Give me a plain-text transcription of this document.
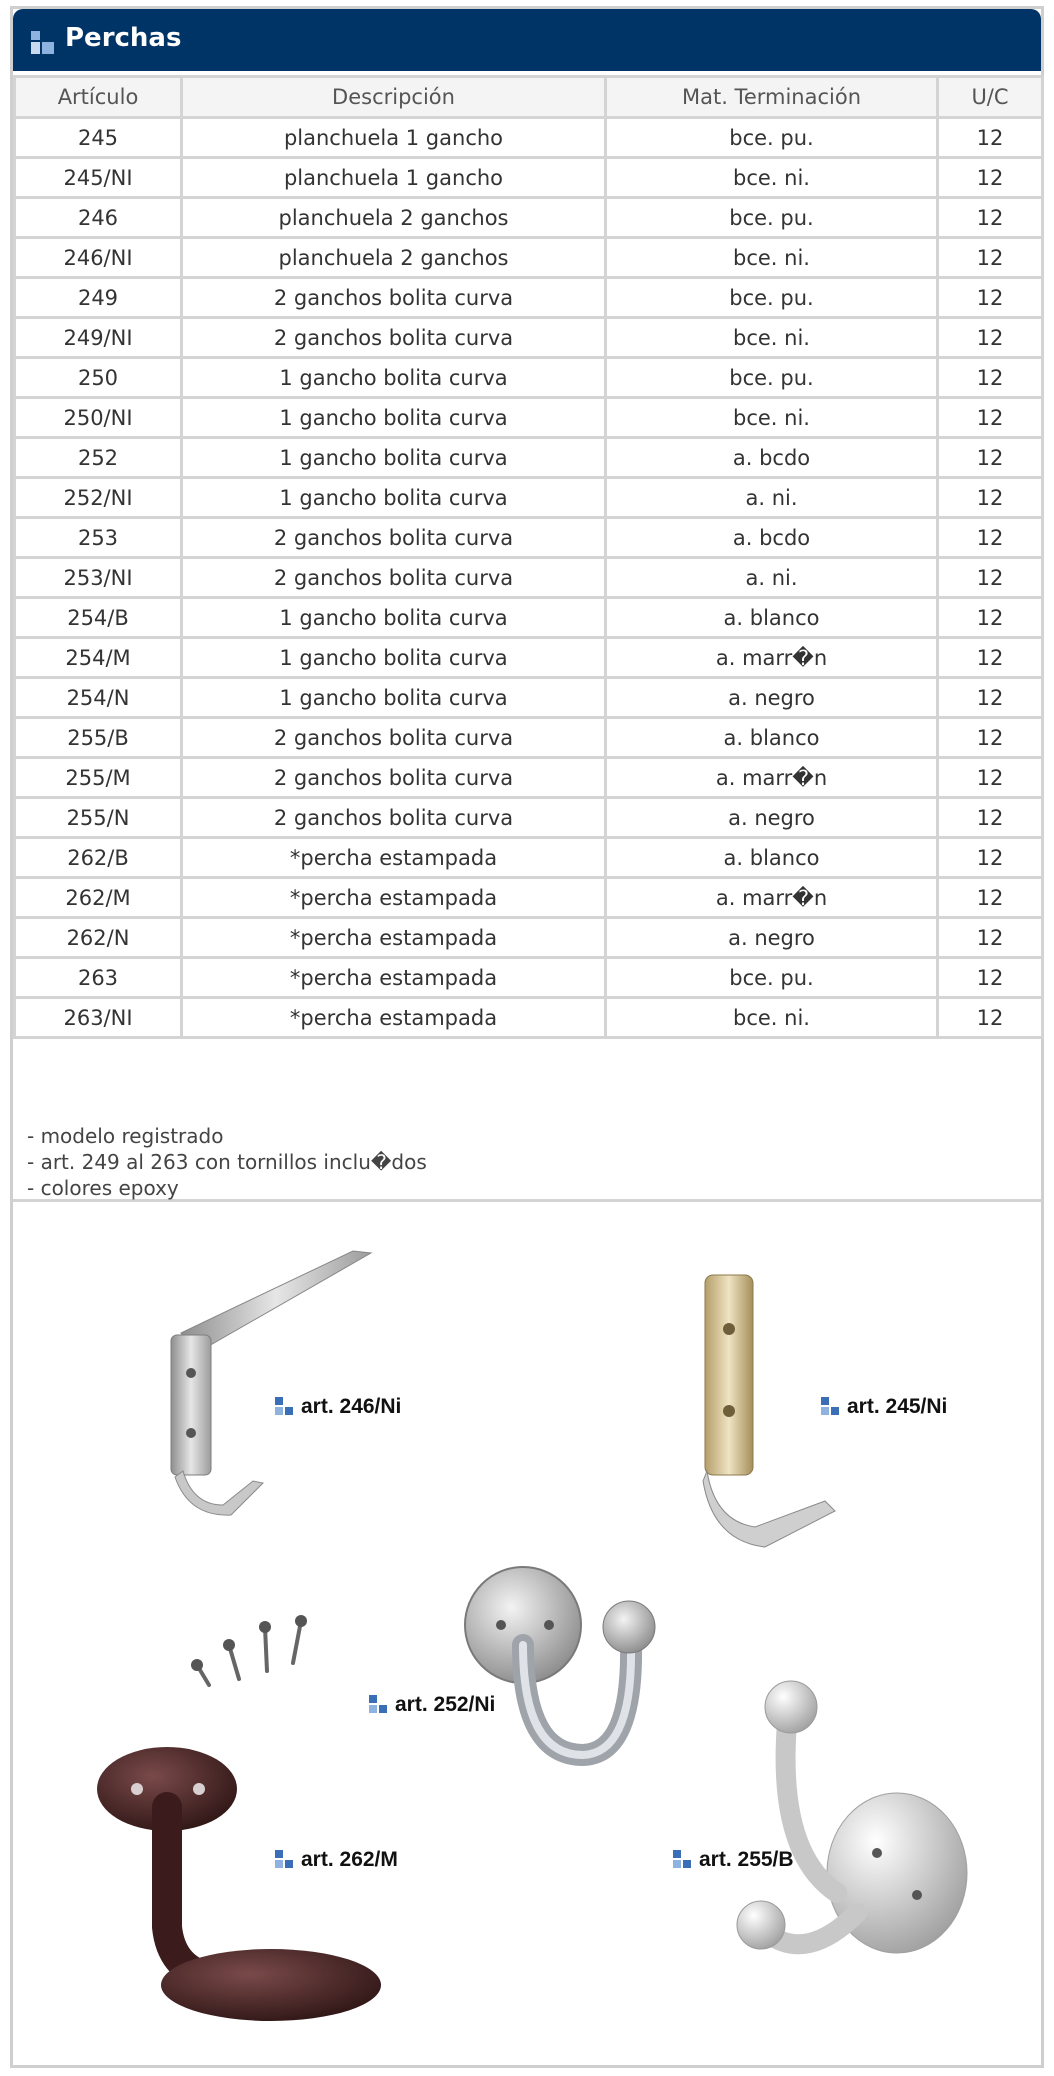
Perchas
Artículo	Descripción	Mat. Terminación	U/C
245	planchuela 1 gancho	bce. pu.	12
245/NI	planchuela 1 gancho	bce. ni.	12
246	planchuela 2 ganchos	bce. pu.	12
246/NI	planchuela 2 ganchos	bce. ni.	12
249	2 ganchos bolita curva	bce. pu.	12
249/NI	2 ganchos bolita curva	bce. ni.	12
250	1 gancho bolita curva	bce. pu.	12
250/NI	1 gancho bolita curva	bce. ni.	12
252	1 gancho bolita curva	a. bcdo	12
252/NI	1 gancho bolita curva	a. ni.	12
253	2 ganchos bolita curva	a. bcdo	12
253/NI	2 ganchos bolita curva	a. ni.	12
254/B	1 gancho bolita curva	a. blanco	12
254/M	1 gancho bolita curva	a. marr�n	12
254/N	1 gancho bolita curva	a. negro	12
255/B	2 ganchos bolita curva	a. blanco	12
255/M	2 ganchos bolita curva	a. marr�n	12
255/N	2 ganchos bolita curva	a. negro	12
262/B	*percha estampada	a. blanco	12
262/M	*percha estampada	a. marr�n	12
262/N	*percha estampada	a. negro	12
263	*percha estampada	bce. pu.	12
263/NI	*percha estampada	bce. ni.	12
- modelo registrado
- art. 249 al 263 con tornillos inclu�dos
- colores epoxy
art. 246/Ni	art. 245/Ni
art. 252/Ni
art. 262/M	art. 255/B
